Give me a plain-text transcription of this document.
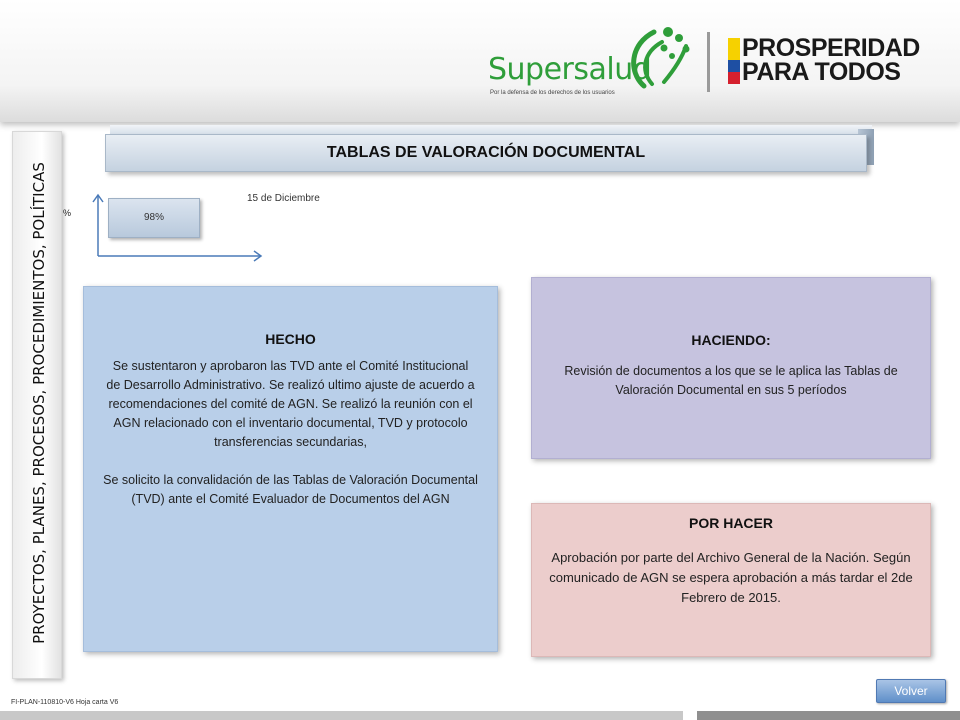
Supersalud
Por la defensa de los derechos de los usuarios
PROSPERIDAD
PARA TODOS
PROYECTOS, PLANES, PROCESOS, PROCEDIMIENTOS, POLÍTICAS
TABLAS DE VALORACIÓN DOCUMENTAL
%	98%
15 de Diciembre
HECHO

Se sustentaron y aprobaron las TVD ante el Comité Institucional de Desarrollo Administrativo. Se realizó ultimo ajuste de acuerdo a recomendaciones del comité de AGN. Se realizó la reunión con el AGN relacionado con el inventario documental, TVD y protocolo transferencias secundarias,

Se solicito la convalidación de las Tablas de Valoración Documental (TVD) ante el Comité Evaluador de Documentos del AGN

HACIENDO:

Revisión de documentos a los que se le aplica las Tablas de Valoración Documental en sus 5 períodos

POR HACER

Aprobación por parte del Archivo General de la Nación. Según comunicado de AGN se espera aprobación a más tardar el 2de Febrero de 2015.

FI-PLAN-110810-V6 Hoja carta V6
Volver
